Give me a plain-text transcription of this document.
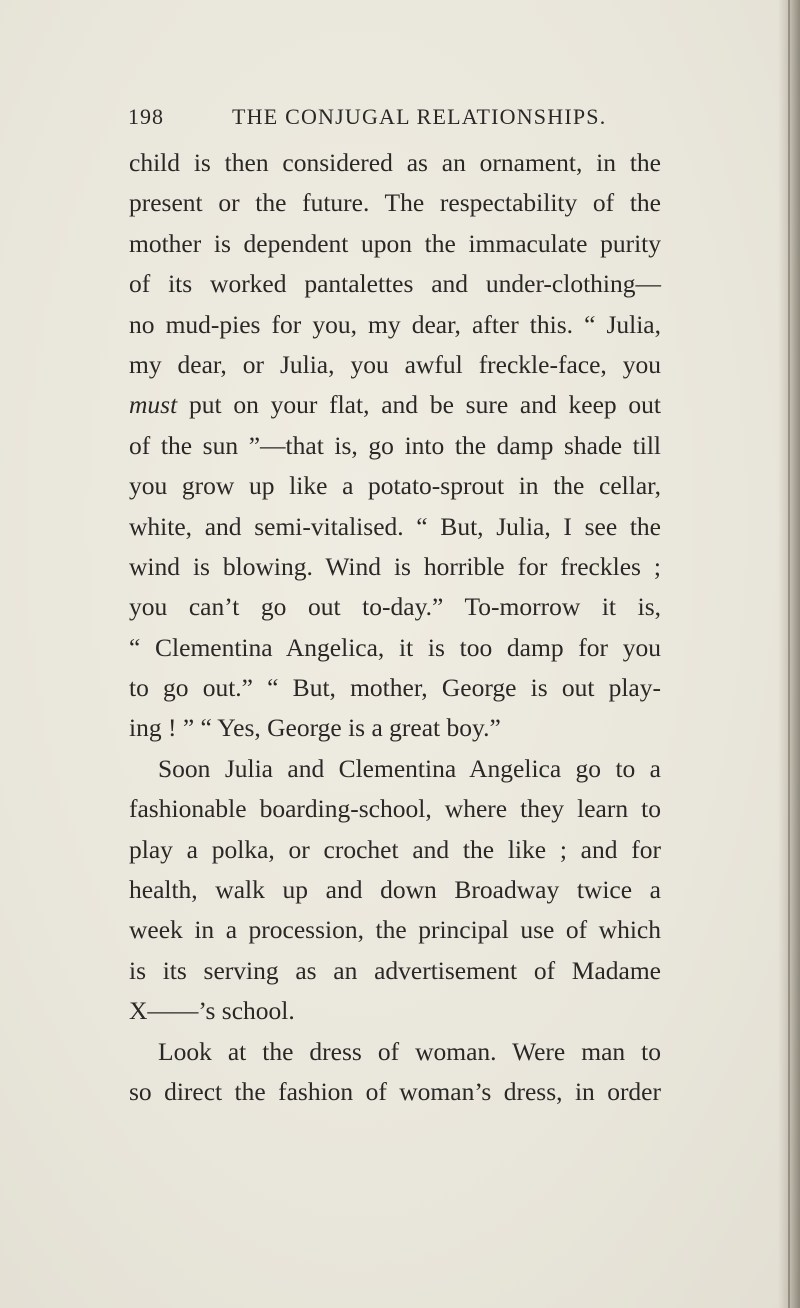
198	THE CONJUGAL RELATIONSHIPS.
child is then considered as an ornament, in the
present or the future. The respectability of the
mother is dependent upon the immaculate purity
of its worked pantalettes and under-clothing—
no mud-pies for you, my dear, after this. “ Julia,
my dear, or Julia, you awful freckle-face, you
must put on your flat, and be sure and keep out
of the sun ”—that is, go into the damp shade till
you grow up like a potato-sprout in the cellar,
white, and semi-vitalised. “ But, Julia, I see the
wind is blowing. Wind is horrible for freckles ;
you can’t go out to-day.” To-morrow it is,
“ Clementina Angelica, it is too damp for you
to go out.” “ But, mother, George is out play-
ing ! ” “ Yes, George is a great boy.”
Soon Julia and Clementina Angelica go to a
fashionable boarding-school, where they learn to
play a polka, or crochet and the like ; and for
health, walk up and down Broadway twice a
week in a procession, the principal use of which
is its serving as an advertisement of Madame
X——’s school.
Look at the dress of woman. Were man to
so direct the fashion of woman’s dress, in order
